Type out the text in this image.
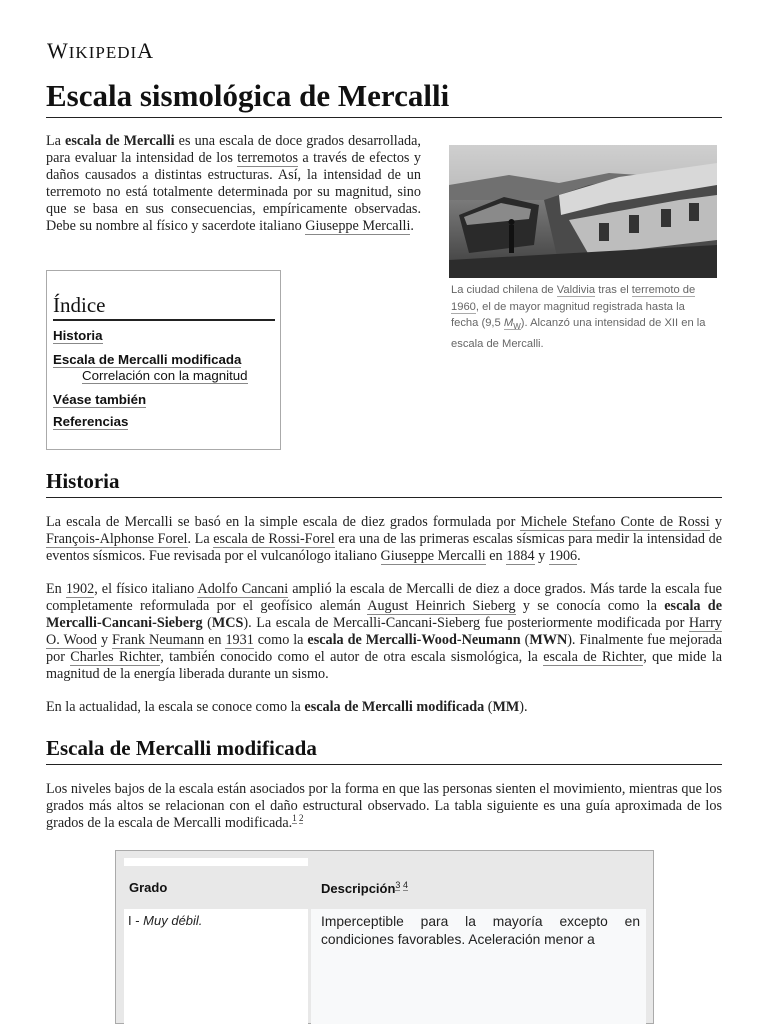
WIKIPEDIA
Escala sismológica de Mercalli
La escala de Mercalli es una escala de doce grados desarrollada, para evaluar la intensidad de los terremotos a través de efectos y daños causados a distintas estructuras. Así, la intensidad de un terremoto no está totalmente determinada por su magnitud, sino que se basa en sus consecuencias, empíricamente observadas. Debe su nombre al físico y sacerdote italiano Giuseppe Mercalli.
La ciudad chilena de Valdivia tras el terremoto de 1960, el de mayor magnitud registrada hasta la fecha (9,5 $M_W$). Alcanzó una intensidad de XII en la escala de Mercalli.
Índice
Historia
Escala de Mercalli modificada
Correlación con la magnitud
Véase también
Referencias
Historia
La escala de Mercalli se basó en la simple escala de diez grados formulada por Michele Stefano Conte de Rossi y François-Alphonse Forel. La escala de Rossi-Forel era una de las primeras escalas sísmicas para medir la intensidad de eventos sísmicos. Fue revisada por el vulcanólogo italiano Giuseppe Mercalli en 1884 y 1906.
En 1902, el físico italiano Adolfo Cancani amplió la escala de Mercalli de diez a doce grados. Más tarde la escala fue completamente reformulada por el geofísico alemán August Heinrich Sieberg y se conocía como la escala de Mercalli-Cancani-Sieberg (MCS). La escala de Mercalli-Cancani-Sieberg fue posteriormente modificada por Harry O. Wood y Frank Neumann en 1931 como la escala de Mercalli-Wood-Neumann (MWN). Finalmente fue mejorada por Charles Richter, también conocido como el autor de otra escala sismológica, la escala de Richter, que mide la magnitud de la energía liberada durante un sismo.
En la actualidad, la escala se conoce como la escala de Mercalli modificada (MM).
Escala de Mercalli modificada
Los niveles bajos de la escala están asociados por la forma en que las personas sienten el movimiento, mientras que los grados más altos se relacionan con el daño estructural observado. La tabla siguiente es una guía aproximada de los grados de la escala de Mercalli modificada.$^{1 2}$
Grado	Descripción$^{3 4}$
I - Muy débil.	Imperceptible para la mayoría excepto en condiciones favorables. Aceleración menor a
